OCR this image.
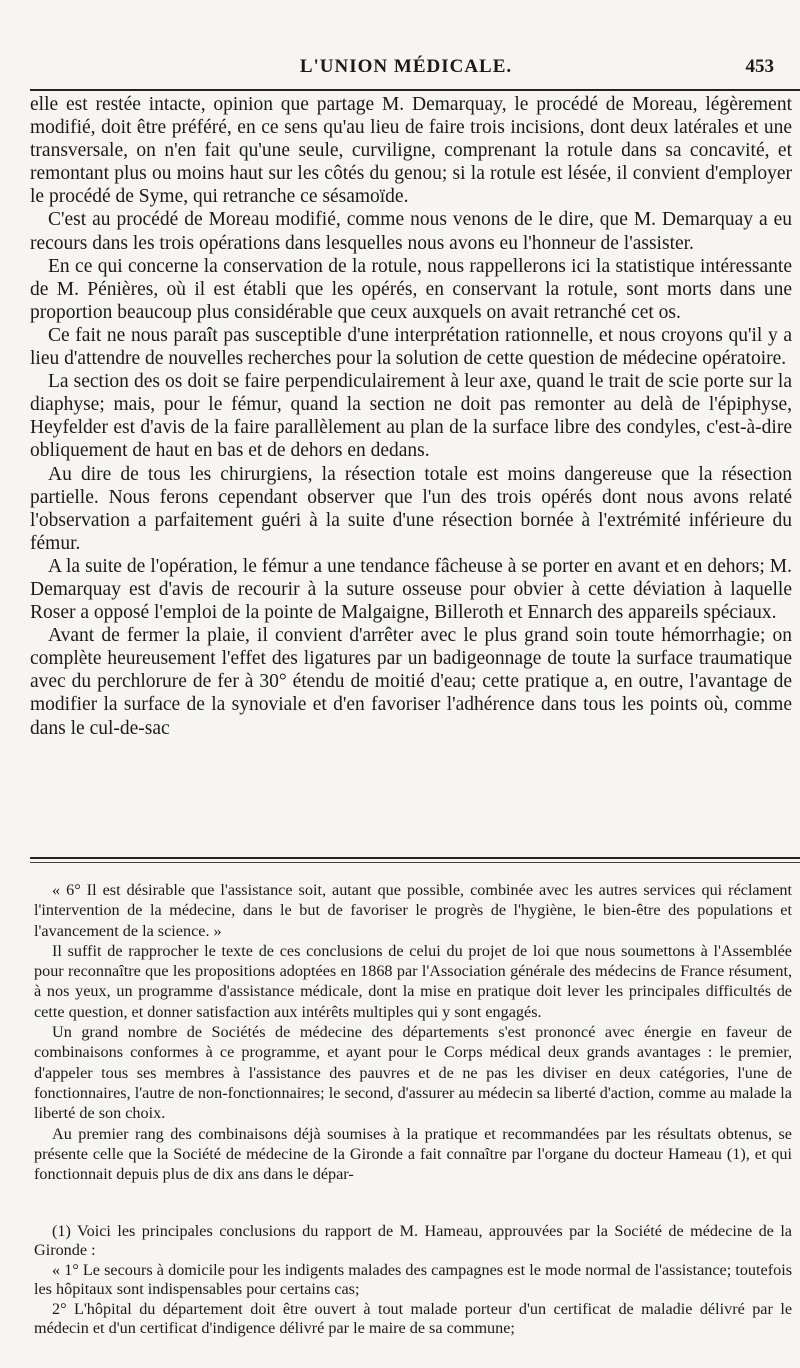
L'UNION MÉDICALE.	453

elle est restée intacte, opinion que partage M. Demarquay, le procédé de Moreau, légèrement modifié, doit être préféré, en ce sens qu'au lieu de faire trois incisions, dont deux latérales et une transversale, on n'en fait qu'une seule, curviligne, comprenant la rotule dans sa concavité, et remontant plus ou moins haut sur les côtés du genou; si la rotule est lésée, il convient d'employer le procédé de Syme, qui retranche ce sésamoïde.

C'est au procédé de Moreau modifié, comme nous venons de le dire, que M. Demarquay a eu recours dans les trois opérations dans lesquelles nous avons eu l'honneur de l'assister.

En ce qui concerne la conservation de la rotule, nous rappellerons ici la statistique intéressante de M. Pénières, où il est établi que les opérés, en conservant la rotule, sont morts dans une proportion beaucoup plus considérable que ceux auxquels on avait retranché cet os.

Ce fait ne nous paraît pas susceptible d'une interprétation rationnelle, et nous croyons qu'il y a lieu d'attendre de nouvelles recherches pour la solution de cette question de médecine opératoire.

La section des os doit se faire perpendiculairement à leur axe, quand le trait de scie porte sur la diaphyse; mais, pour le fémur, quand la section ne doit pas remonter au delà de l'épiphyse, Heyfelder est d'avis de la faire parallèlement au plan de la surface libre des condyles, c'est-à-dire obliquement de haut en bas et de dehors en dedans.

Au dire de tous les chirurgiens, la résection totale est moins dangereuse que la résection partielle. Nous ferons cependant observer que l'un des trois opérés dont nous avons relaté l'observation a parfaitement guéri à la suite d'une résection bornée à l'extrémité inférieure du fémur.

A la suite de l'opération, le fémur a une tendance fâcheuse à se porter en avant et en dehors; M. Demarquay est d'avis de recourir à la suture osseuse pour obvier à cette déviation à laquelle Roser a opposé l'emploi de la pointe de Malgaigne, Billeroth et Ennarch des appareils spéciaux.

Avant de fermer la plaie, il convient d'arrêter avec le plus grand soin toute hémorrhagie; on complète heureusement l'effet des ligatures par un badigeonnage de toute la surface traumatique avec du perchlorure de fer à 30° étendu de moitié d'eau; cette pratique a, en outre, l'avantage de modifier la surface de la synoviale et d'en favoriser l'adhérence dans tous les points où, comme dans le cul-de-sac

« 6° Il est désirable que l'assistance soit, autant que possible, combinée avec les autres services qui réclament l'intervention de la médecine, dans le but de favoriser le progrès de l'hygiène, le bien-être des populations et l'avancement de la science. »

Il suffit de rapprocher le texte de ces conclusions de celui du projet de loi que nous soumettons à l'Assemblée pour reconnaître que les propositions adoptées en 1868 par l'Association générale des médecins de France résument, à nos yeux, un programme d'assistance médicale, dont la mise en pratique doit lever les principales difficultés de cette question, et donner satisfaction aux intérêts multiples qui y sont engagés.

Un grand nombre de Sociétés de médecine des départements s'est prononcé avec énergie en faveur de combinaisons conformes à ce programme, et ayant pour le Corps médical deux grands avantages : le premier, d'appeler tous ses membres à l'assistance des pauvres et de ne pas les diviser en deux catégories, l'une de fonctionnaires, l'autre de non-fonctionnaires; le second, d'assurer au médecin sa liberté d'action, comme au malade la liberté de son choix.

Au premier rang des combinaisons déjà soumises à la pratique et recommandées par les résultats obtenus, se présente celle que la Société de médecine de la Gironde a fait connaître par l'organe du docteur Hameau (1), et qui fonctionnait depuis plus de dix ans dans le dépar-

(1) Voici les principales conclusions du rapport de M. Hameau, approuvées par la Société de médecine de la Gironde :

« 1° Le secours à domicile pour les indigents malades des campagnes est le mode normal de l'assistance; toutefois les hôpitaux sont indispensables pour certains cas;

2° L'hôpital du département doit être ouvert à tout malade porteur d'un certificat de maladie délivré par le médecin et d'un certificat d'indigence délivré par le maire de sa commune;
